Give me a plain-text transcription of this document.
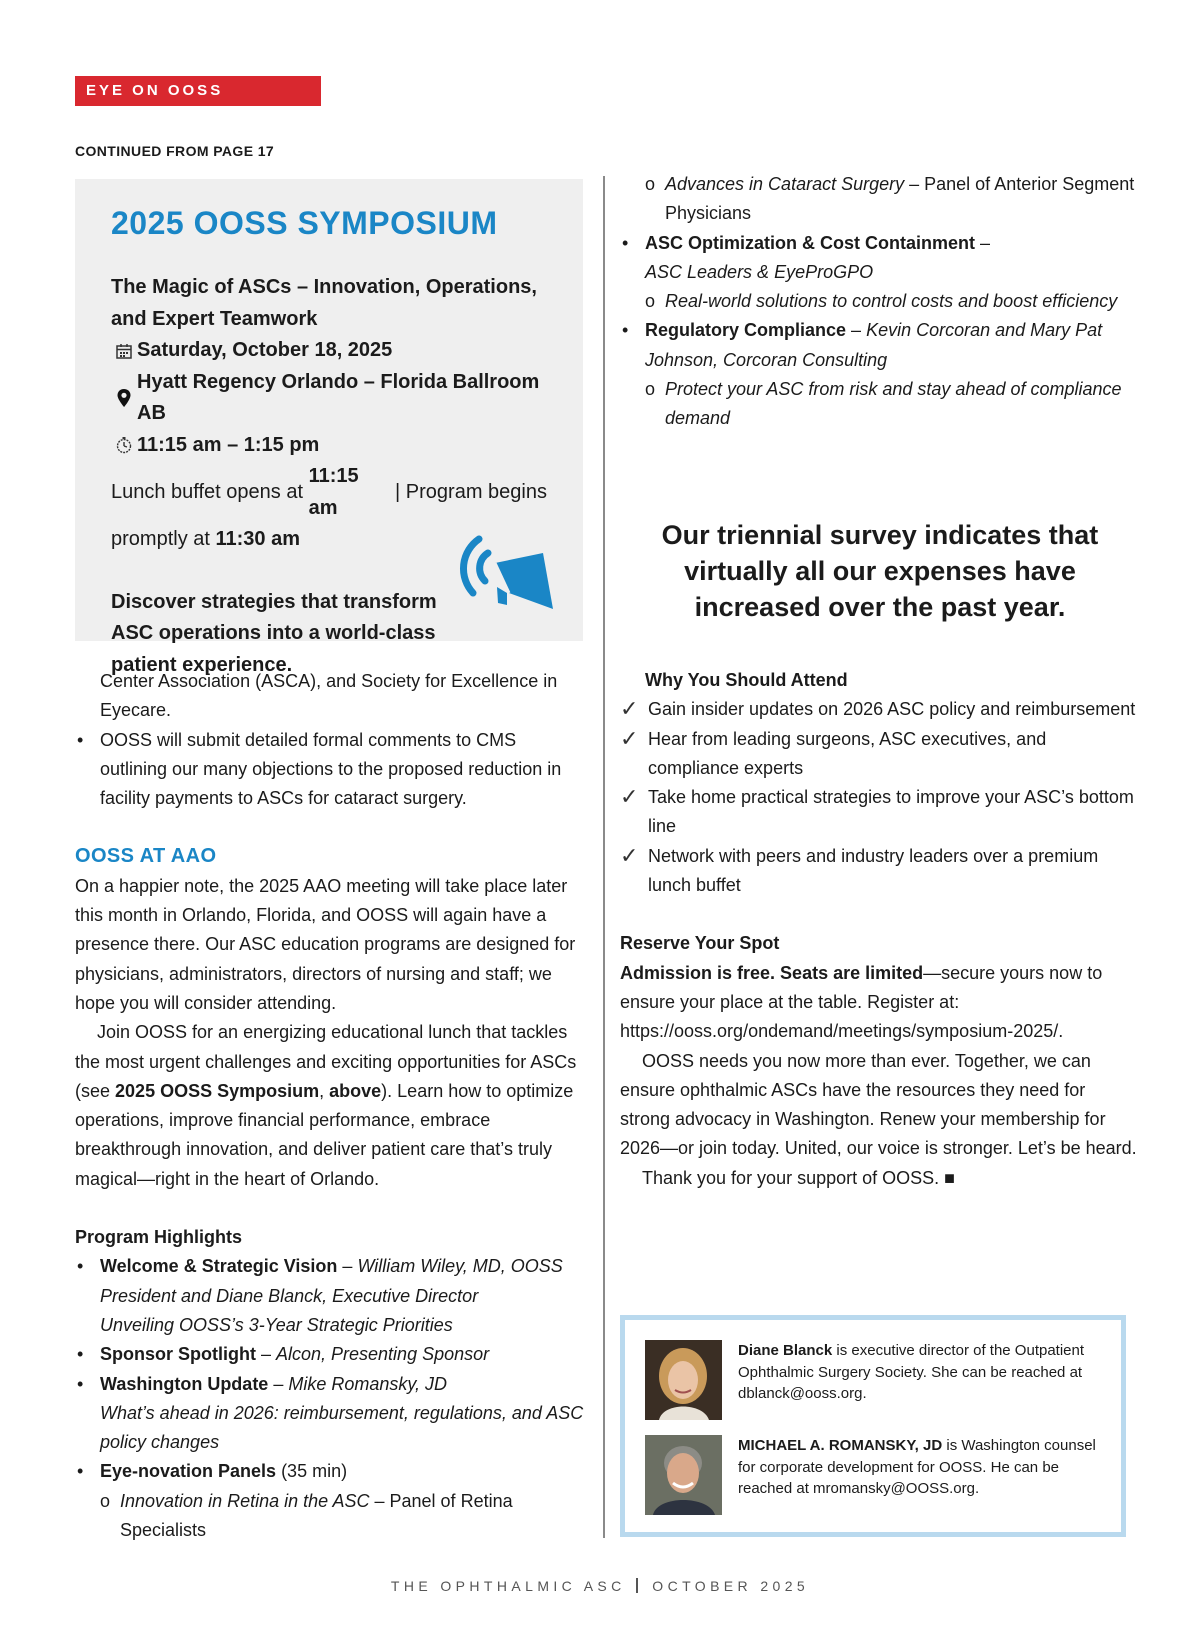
EYE ON OOSS
CONTINUED FROM PAGE 17
2025 OOSS SYMPOSIUM
The Magic of ASCs – Innovation, Operations,
and Expert Teamwork
Saturday, October 18, 2025
Hyatt Regency Orlando – Florida Ballroom AB
11:15 am – 1:15 pm
Lunch buffet opens at
11:15 am
| Program begins
promptly at 11:30 am
Discover strategies that transform ASC operations into a world-class patient experience.
Center Association (ASCA), and Society for Excellence in Eyecare.
• OOSS will submit detailed formal comments to CMS outlining our many objections to the proposed reduction in facility payments to ASCs for cataract surgery.
OOSS AT AAO
On a happier note, the 2025 AAO meeting will take place later this month in Orlando, Florida, and OOSS will again have a presence there. Our ASC education programs are designed for physicians, administrators, directors of nursing and staff; we hope you will consider attending.
Join OOSS for an energizing educational lunch that tackles the most urgent challenges and exciting opportunities for ASCs (see 2025 OOSS Symposium, above). Learn how to optimize operations, improve financial performance, embrace breakthrough innovation, and deliver patient care that’s truly magical—right in the heart of Orlando.
Program Highlights
• Welcome & Strategic Vision – William Wiley, MD, OOSS President and Diane Blanck, Executive Director
Unveiling OOSS’s 3-Year Strategic Priorities
• Sponsor Spotlight – Alcon, Presenting Sponsor
• Washington Update – Mike Romansky, JD
What’s ahead in 2026: reimbursement, regulations, and ASC policy changes
• Eye-novation Panels (35 min)
o Innovation in Retina in the ASC – Panel of Retina Specialists
o Advances in Cataract Surgery – Panel of Anterior Segment Physicians
• ASC Optimization & Cost Containment –
ASC Leaders & EyeProGPO
o Real-world solutions to control costs and boost efficiency
• Regulatory Compliance – Kevin Corcoran and Mary Pat Johnson, Corcoran Consulting
o Protect your ASC from risk and stay ahead of compliance demand
Our triennial survey indicates that virtually all our expenses have increased over the past year.
Why You Should Attend
✓ Gain insider updates on 2026 ASC policy and reimbursement
✓ Hear from leading surgeons, ASC executives, and compliance experts
✓ Take home practical strategies to improve your ASC’s bottom line
✓ Network with peers and industry leaders over a premium lunch buffet
Reserve Your Spot
Admission is free. Seats are limited—secure yours now to ensure your place at the table. Register at: https://ooss.org/ondemand/meetings/symposium-2025/.
OOSS needs you now more than ever. Together, we can ensure ophthalmic ASCs have the resources they need for strong advocacy in Washington. Renew your membership for 2026—or join today. United, our voice is stronger. Let’s be heard.
Thank you for your support of OOSS. ■
Diane Blanck is executive director of the Outpatient Ophthalmic Surgery Society. She can be reached at dblanck@ooss.org.
MICHAEL A. ROMANSKY, JD is Washington counsel for corporate development for OOSS. He can be reached at mromansky@OOSS.org.
THE OPHTHALMIC ASC OCTOBER 2025
